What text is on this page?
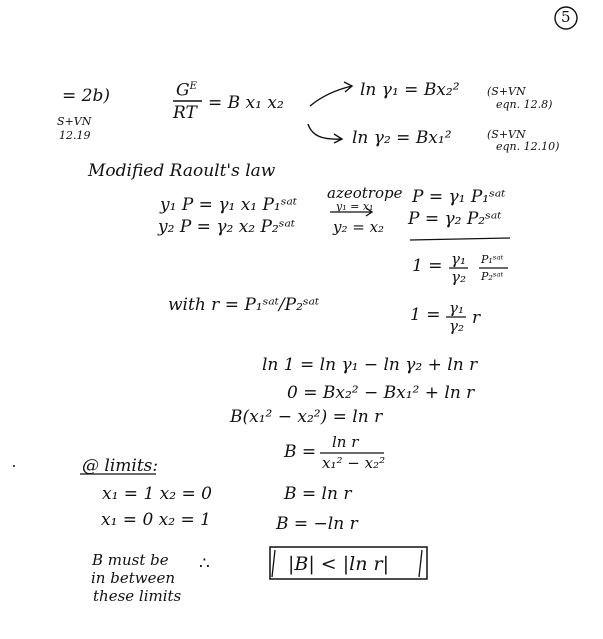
5
= 2b)
S+VN
12.19
$G^E$
RT = B x₁ x₂
ln γ₁ = Bx₂² (S+VN
eqn. 12.8)
ln γ₂ = Bx₁²	(S+VN
eqn. 12.10)
Modified Raoult's law
y₁ P = γ₁ x₁ P₁ˢᵃᵗ
y₂ P = γ₂ x₂ P₂ˢᵃᵗ
azeotrope
y₁ = x₁
y₂ = x₂
P = γ₁ P₁ˢᵃᵗ
P = γ₂ P₂ˢᵃᵗ
1 = γ₁
γ₂
P₁ˢᵃᵗ
P₂ˢᵃᵗ
with r = P₁ˢᵃᵗ/P₂ˢᵃᵗ	1 = γ₁
γ₂ r
ln 1 = ln γ₁ − ln γ₂ + ln r
0 = Bx₂² − Bx₁² + ln r
B(x₁² − x₂²) = ln r
B = ln r
x₁² − x₂²
@ limits:
x₁ = 1 x₂ = 0
x₁ = 0 x₂ = 1
B = ln r
B = −ln r
B must be
in between
these limits
∴	|B| < |ln r|
